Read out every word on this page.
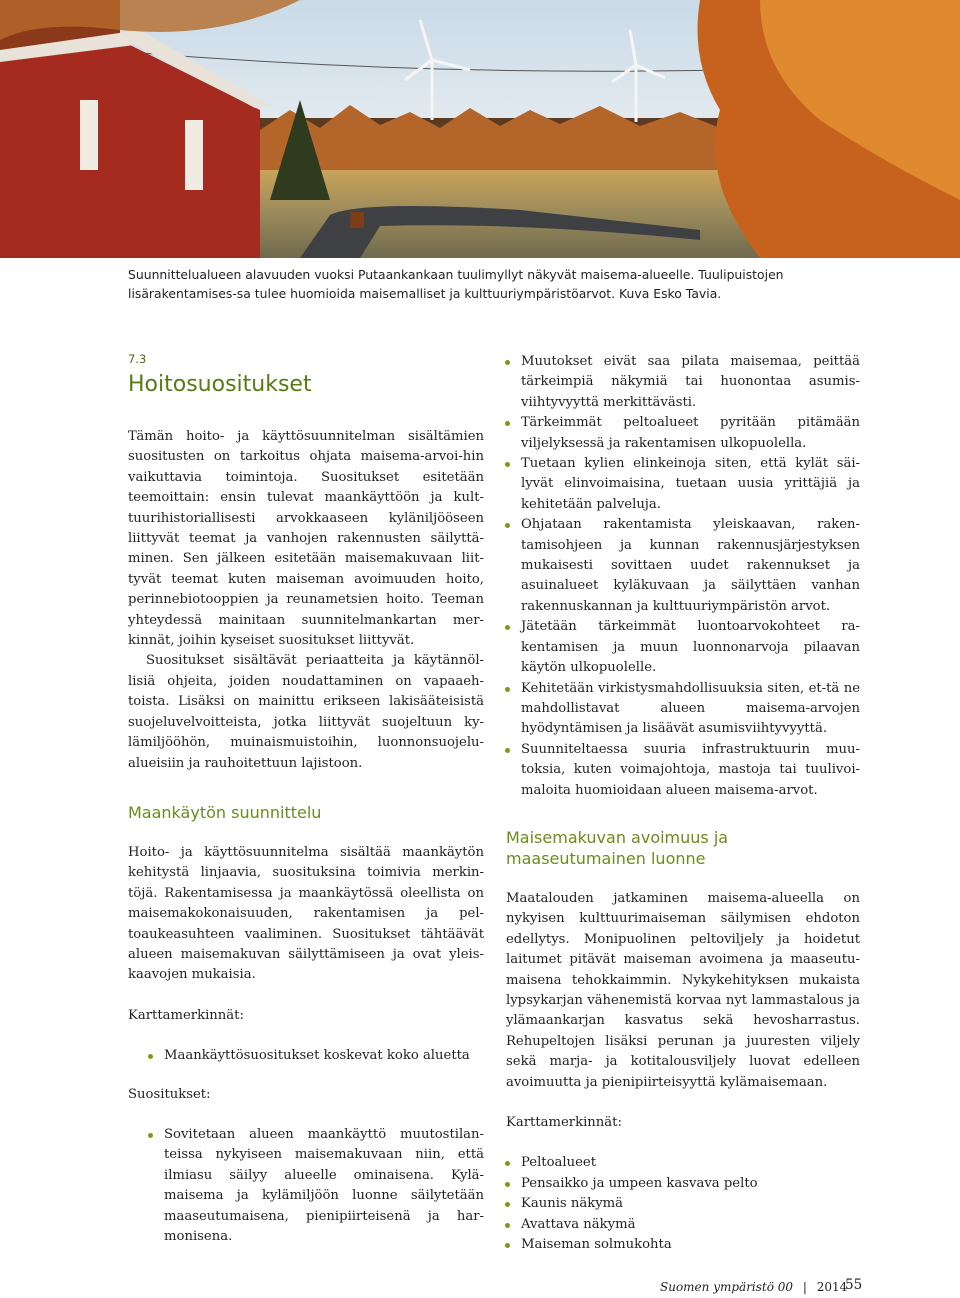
Suunnittelualueen alavuuden vuoksi Putaankankaan tuulimyllyt näkyvät maisema-alueelle. Tuulipuistojen lisärakentamises-sa tulee huomioida maisemalliset ja kulttuuriympäristöarvot. Kuva Esko Tavia.
7.3
Hoitosuositukset

Tämän hoito- ja käyttösuunnitelman sisältämien suositusten on tarkoitus ohjata maisema-arvoi-hin vaikuttavia toimintoja. Suositukset esitetään teemoittain: ensin tulevat maankäyttöön ja kult-tuurihistoriallisesti arvokkaaseen kyläniljööseen liittyvät teemat ja vanhojen rakennusten säilyttä-minen. Sen jälkeen esitetään maisemakuvaan liit-tyvät teemat kuten maiseman avoimuuden hoito, perinnebiotooppien ja reunametsien hoito. Teeman yhteydessä mainitaan suunnitelmankartan mer-kinnät, joihin kyseiset suositukset liittyvät.

Suositukset sisältävät periaatteita ja käytännöl-lisiä ohjeita, joiden noudattaminen on vapaaeh-toista. Lisäksi on mainittu erikseen lakisääteisistä suojeluvelvoitteista, jotka liittyvät suojeltuun ky-lämiljööhön, muinaismuistoihin, luonnonsuojelu-alueisiin ja rauhoitettuun lajistoon.

Maankäytön suunnittelu

Hoito- ja käyttösuunnitelma sisältää maankäytön kehitystä linjaavia, suosituksina toimivia merkin-töjä. Rakentamisessa ja maankäytössä oleellista on maisemakokonaisuuden, rakentamisen ja pel-toaukeasuhteen vaaliminen. Suositukset tähtäävät alueen maisemakuvan säilyttämiseen ja ovat yleis-kaavojen mukaisia.

Karttamerkinnät:
Maankäyttösuositukset koskevat koko aluetta
Suositukset:
Sovitetaan alueen maankäyttö muutostilan-teissa nykyiseen maisemakuvaan niin, että ilmiasu säilyy alueelle ominaisena. Kylä-maisema ja kylämiljöön luonne säilytetään maaseutumaisena, pienipiirteisenä ja har-monisena.
Muutokset eivät saa pilata maisemaa, peittää tärkeimpiä näkymiä tai huonontaa asumis-viihtyvyyttä merkittävästi.
Tärkeimmät peltoalueet pyritään pitämään viljelyksessä ja rakentamisen ulkopuolella.
Tuetaan kylien elinkeinoja siten, että kylät säi-lyvät elinvoimaisina, tuetaan uusia yrittäjiä ja kehitetään palveluja.
Ohjataan rakentamista yleiskaavan, raken-tamisohjeen ja kunnan rakennusjärjestyksen mukaisesti sovittaen uudet rakennukset ja asuinalueet kyläkuvaan ja säilyttäen vanhan rakennuskannan ja kulttuuriympäristön arvot.
Jätetään tärkeimmät luontoarvokohteet ra-kentamisen ja muun luonnonarvoja pilaavan käytön ulkopuolelle.
Kehitetään virkistysmahdollisuuksia siten, et-tä ne mahdollistavat alueen maisema-arvojen hyödyntämisen ja lisäävät asumisviihtyvyyttä.
Suunniteltaessa suuria infrastruktuurin muu-toksia, kuten voimajohtoja, mastoja tai tuulivoi-maloita huomioidaan alueen maisema-arvot.
Maisemakuvan avoimuus ja maaseutumainen luonne

Maatalouden jatkaminen maisema-alueella on nykyisen kulttuurimaiseman säilymisen ehdoton edellytys. Monipuolinen peltoviljely ja hoidetut laitumet pitävät maiseman avoimena ja maaseutu-maisena tehokkaimmin. Nykykehityksen mukaista lypsykarjan vähenemistä korvaa nyt lammastalous ja ylämaankarjan kasvatus sekä hevosharrastus. Rehupeltojen lisäksi perunan ja juuresten viljely sekä marja- ja kotitalousviljely luovat edelleen avoimuutta ja pienipiirteisyyttä kylämaisemaan.

Karttamerkinnät:
Peltoalueet
Pensaikko ja umpeen kasvava pelto
Kaunis näkymä
Avattava näkymä
Maiseman solmukohta
Suomen ympäristö 00 | 2014
55
